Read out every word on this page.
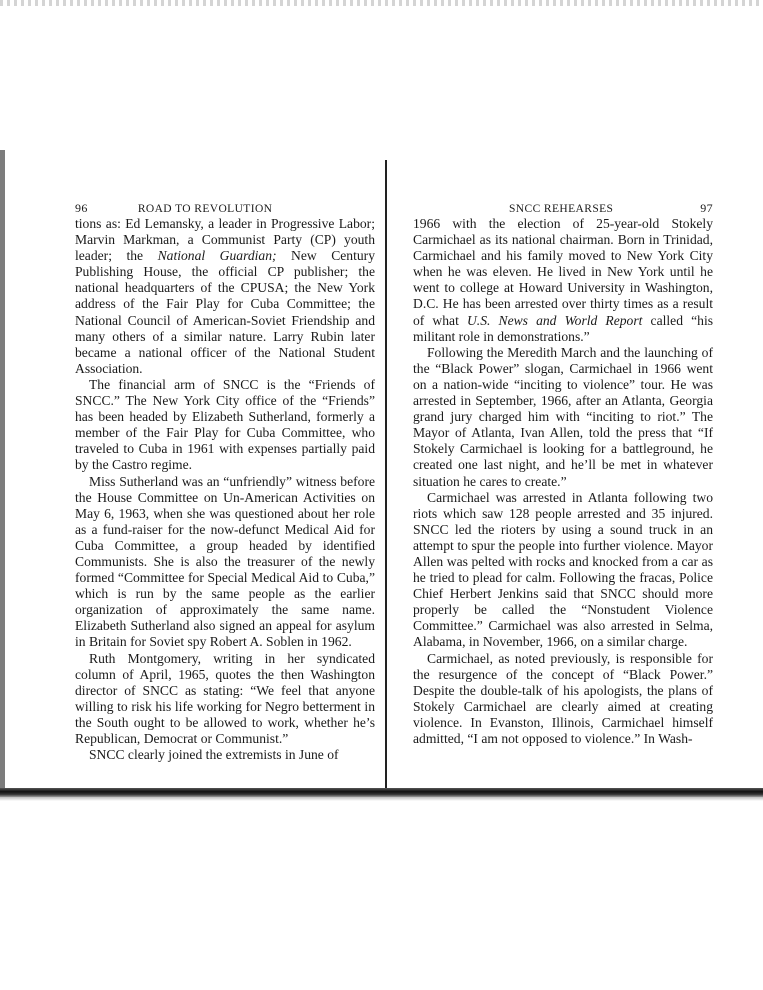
96	ROAD TO REVOLUTION

tions as: Ed Lemansky, a leader in Progressive Labor; Marvin Markman, a Communist Party (CP) youth leader; the National Guardian; New Century Publishing House, the official CP publisher; the national headquarters of the CPUSA; the New York address of the Fair Play for Cuba Committee; the National Council of American-Soviet Friendship and many others of a similar nature. Larry Rubin later became a national officer of the National Student Association.

The financial arm of SNCC is the “Friends of SNCC.” The New York City office of the “Friends” has been headed by Elizabeth Sutherland, formerly a member of the Fair Play for Cuba Committee, who traveled to Cuba in 1961 with expenses partially paid by the Castro regime.

Miss Sutherland was an “unfriendly” witness before the House Committee on Un-American Activities on May 6, 1963, when she was questioned about her role as a fund-raiser for the now-defunct Medical Aid for Cuba Committee, a group headed by identified Communists. She is also the treasurer of the newly formed “Committee for Special Medical Aid to Cuba,” which is run by the same people as the earlier organization of approximately the same name. Elizabeth Sutherland also signed an appeal for asylum in Britain for Soviet spy Robert A. Soblen in 1962.

Ruth Montgomery, writing in her syndicated column of April, 1965, quotes the then Washington director of SNCC as stating: “We feel that anyone willing to risk his life working for Negro betterment in the South ought to be allowed to work, whether he’s Republican, Democrat or Communist.”

SNCC clearly joined the extremists in June of

SNCC REHEARSES	97

1966 with the election of 25-year-old Stokely Carmichael as its national chairman. Born in Trinidad, Carmichael and his family moved to New York City when he was eleven. He lived in New York until he went to college at Howard University in Washington, D.C. He has been arrested over thirty times as a result of what U.S. News and World Report called “his militant role in demonstrations.”

Following the Meredith March and the launching of the “Black Power” slogan, Carmichael in 1966 went on a nation-wide “inciting to violence” tour. He was arrested in September, 1966, after an Atlanta, Georgia grand jury charged him with “inciting to riot.” The Mayor of Atlanta, Ivan Allen, told the press that “If Stokely Carmichael is looking for a battleground, he created one last night, and he’ll be met in whatever situation he cares to create.”

Carmichael was arrested in Atlanta following two riots which saw 128 people arrested and 35 injured. SNCC led the rioters by using a sound truck in an attempt to spur the people into further violence. Mayor Allen was pelted with rocks and knocked from a car as he tried to plead for calm. Following the fracas, Police Chief Herbert Jenkins said that SNCC should more properly be called the “Nonstudent Violence Committee.” Carmichael was also arrested in Selma, Alabama, in November, 1966, on a similar charge.

Carmichael, as noted previously, is responsible for the resurgence of the concept of “Black Power.” Despite the double-talk of his apologists, the plans of Stokely Carmichael are clearly aimed at creating violence. In Evanston, Illinois, Carmichael himself admitted, “I am not opposed to violence.” In Wash-
